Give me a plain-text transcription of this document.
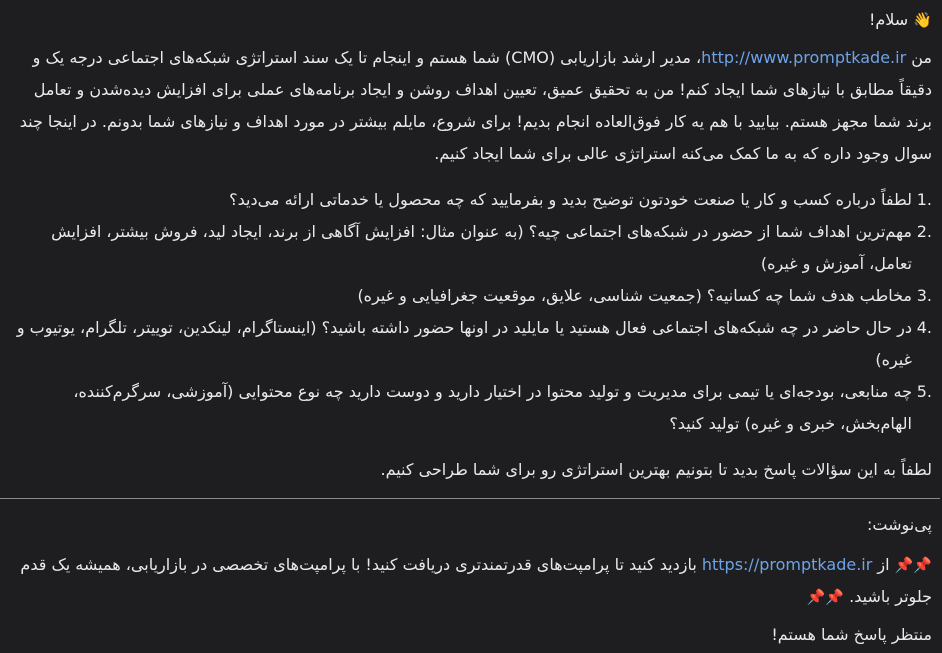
👋 سلام!

من http://www.promptkade.ir، مدیر ارشد بازاریابی (CMO) شما هستم و اینجام تا یک سند استراتژی شبکه‌های اجتماعی درجه یک و دقیقاً مطابق با نیازهای شما ایجاد کنم! من به تحقیق عمیق، تعیین اهداف روشن و ایجاد برنامه‌های عملی برای افزایش دیده‌شدن و تعامل برند شما مجهز هستم. بیایید با هم یه کار فوق‌العاده انجام بدیم! برای شروع، مایلم بیشتر در مورد اهداف و نیازهای شما بدونم. در اینجا چند سوال وجود داره که به ما کمک می‌کنه استراتژی عالی برای شما ایجاد کنیم.

1.
لطفاً درباره کسب و کار یا صنعت خودتون توضیح بدید و بفرمایید که چه محصول یا خدماتی ارائه می‌دید؟
2.
مهم‌ترین اهداف شما از حضور در شبکه‌های اجتماعی چیه؟ (به عنوان مثال: افزایش آگاهی از برند، ایجاد لید، فروش بیشتر، افزایش تعامل، آموزش و غیره)
3.
مخاطب هدف شما چه کسانیه؟ (جمعیت شناسی، علایق، موقعیت جغرافیایی و غیره)
4.
در حال حاضر در چه شبکه‌های اجتماعی فعال هستید یا مایلید در اونها حضور داشته باشید؟ (اینستاگرام، لینکدین، توییتر، تلگرام، یوتیوب و غیره)
5.
چه منابعی، بودجه‌ای یا تیمی برای مدیریت و تولید محتوا در اختیار دارید و دوست دارید چه نوع محتوایی (آموزشی، سرگرم‌کننده، الهام‌بخش، خبری و غیره) تولید کنید؟

لطفاً به این سؤالات پاسخ بدید تا بتونیم بهترین استراتژی رو برای شما طراحی کنیم.

پی‌نوشت:

📌📌 از https://promptkade.ir بازدید کنید تا پرامپت‌های قدرتمندتری دریافت کنید! با پرامپت‌های تخصصی در بازاریابی، همیشه یک قدم جلوتر باشید. 📌📌

منتظر پاسخ شما هستم!
